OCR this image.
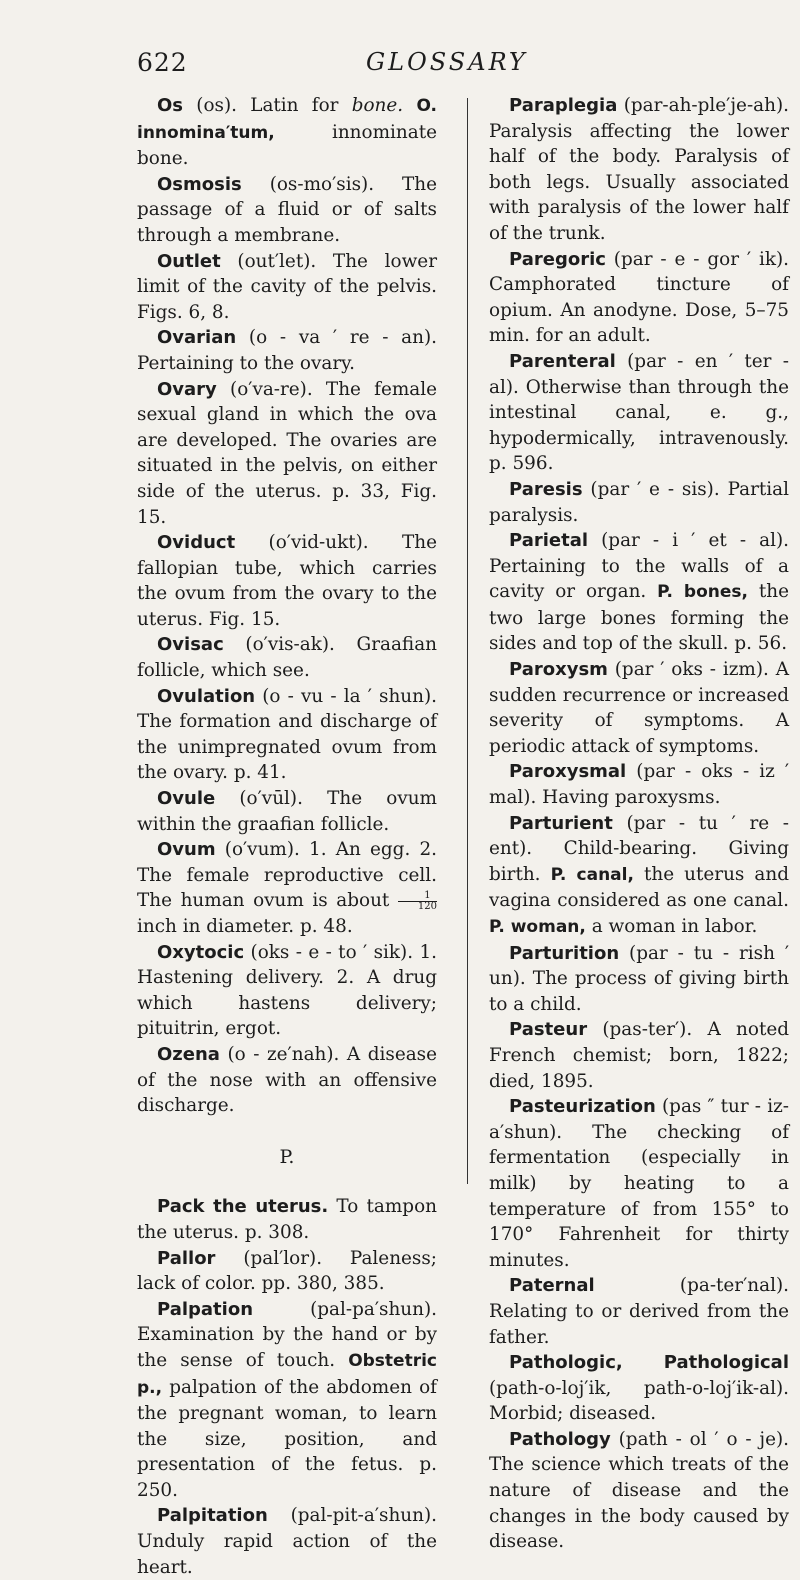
622	GLOSSARY

Os (os). Latin for bone. O. innomina′tum, innominate bone.

Osmosis (os-mo′sis). The passage of a fluid or of salts through a membrane.

Outlet (out′let). The lower limit of the cavity of the pelvis. Figs. 6, 8.

Ovarian (o - va ′ re - an). Pertaining to the ovary.

Ovary (o′va-re). The female sexual gland in which the ova are developed. The ovaries are situated in the pelvis, on either side of the uterus. p. 33, Fig. 15.

Oviduct (o′vid-ukt). The fallopian tube, which carries the ovum from the ovary to the uterus. Fig. 15.

Ovisac (o′vis-ak). Graafian follicle, which see.

Ovulation (o - vu - la ′ shun). The formation and discharge of the unimpregnated ovum from the ovary. p. 41.

Ovule (o′vūl). The ovum within the graafian follicle.

Ovum (o′vum). 1. An egg. 2. The female reproductive cell. The human ovum is about $\frac{1}{120}$
inch in diameter. p. 48.

Oxytocic (oks - e - to ′ sik). 1. Hastening delivery. 2. A drug which hastens delivery; pituitrin, ergot.

Ozena (o - ze′nah). A disease of the nose with an offensive discharge.

P.

Pack the uterus. To tampon the uterus. p. 308.

Pallor (pal′lor). Paleness; lack of color. pp. 380, 385.

Palpation (pal-pa′shun). Examination by the hand or by the sense of touch. Obstetric p., palpation of the abdomen of the pregnant woman, to learn the size, position, and presentation of the fetus. p. 250.

Palpitation (pal-pit-a′shun). Unduly rapid action of the heart.

Paraplegia (par-ah-ple′je-ah). Paralysis affecting the lower half of the body. Paralysis of both legs. Usually associated with paralysis of the lower half of the trunk.

Paregoric (par - e - gor ′ ik). Camphorated tincture of opium. An anodyne. Dose, 5–75 min. for an adult.

Parenteral (par - en ′ ter - al). Otherwise than through the intestinal canal, e. g., hypodermically, intravenously. p. 596.

Paresis (par ′ e - sis). Partial paralysis.

Parietal (par - i ′ et - al). Pertaining to the walls of a cavity or organ. P. bones, the two large bones forming the sides and top of the skull. p. 56.

Paroxysm (par ′ oks - izm). A sudden recurrence or increased severity of symptoms. A periodic attack of symptoms.

Paroxysmal (par - oks - iz ′ mal). Having paroxysms.

Parturient (par - tu ′ re - ent). Child-bearing. Giving birth. P. canal, the uterus and vagina considered as one canal. P. woman, a woman in labor.

Parturition (par - tu - rish ′ un). The process of giving birth to a child.

Pasteur (pas-ter′). A noted French chemist; born, 1822; died, 1895.

Pasteurization (pas ″ tur - iz-a′shun). The checking of fermentation (especially in milk) by heating to a temperature of from 155° to 170° Fahrenheit for thirty minutes.

Paternal (pa-ter′nal). Relating to or derived from the father.

Pathologic, Pathological (path-o-loj′ik, path-o-loj′ik-al). Morbid; diseased.

Pathology (path - ol ′ o - je). The science which treats of the nature of disease and the changes in the body caused by disease.
